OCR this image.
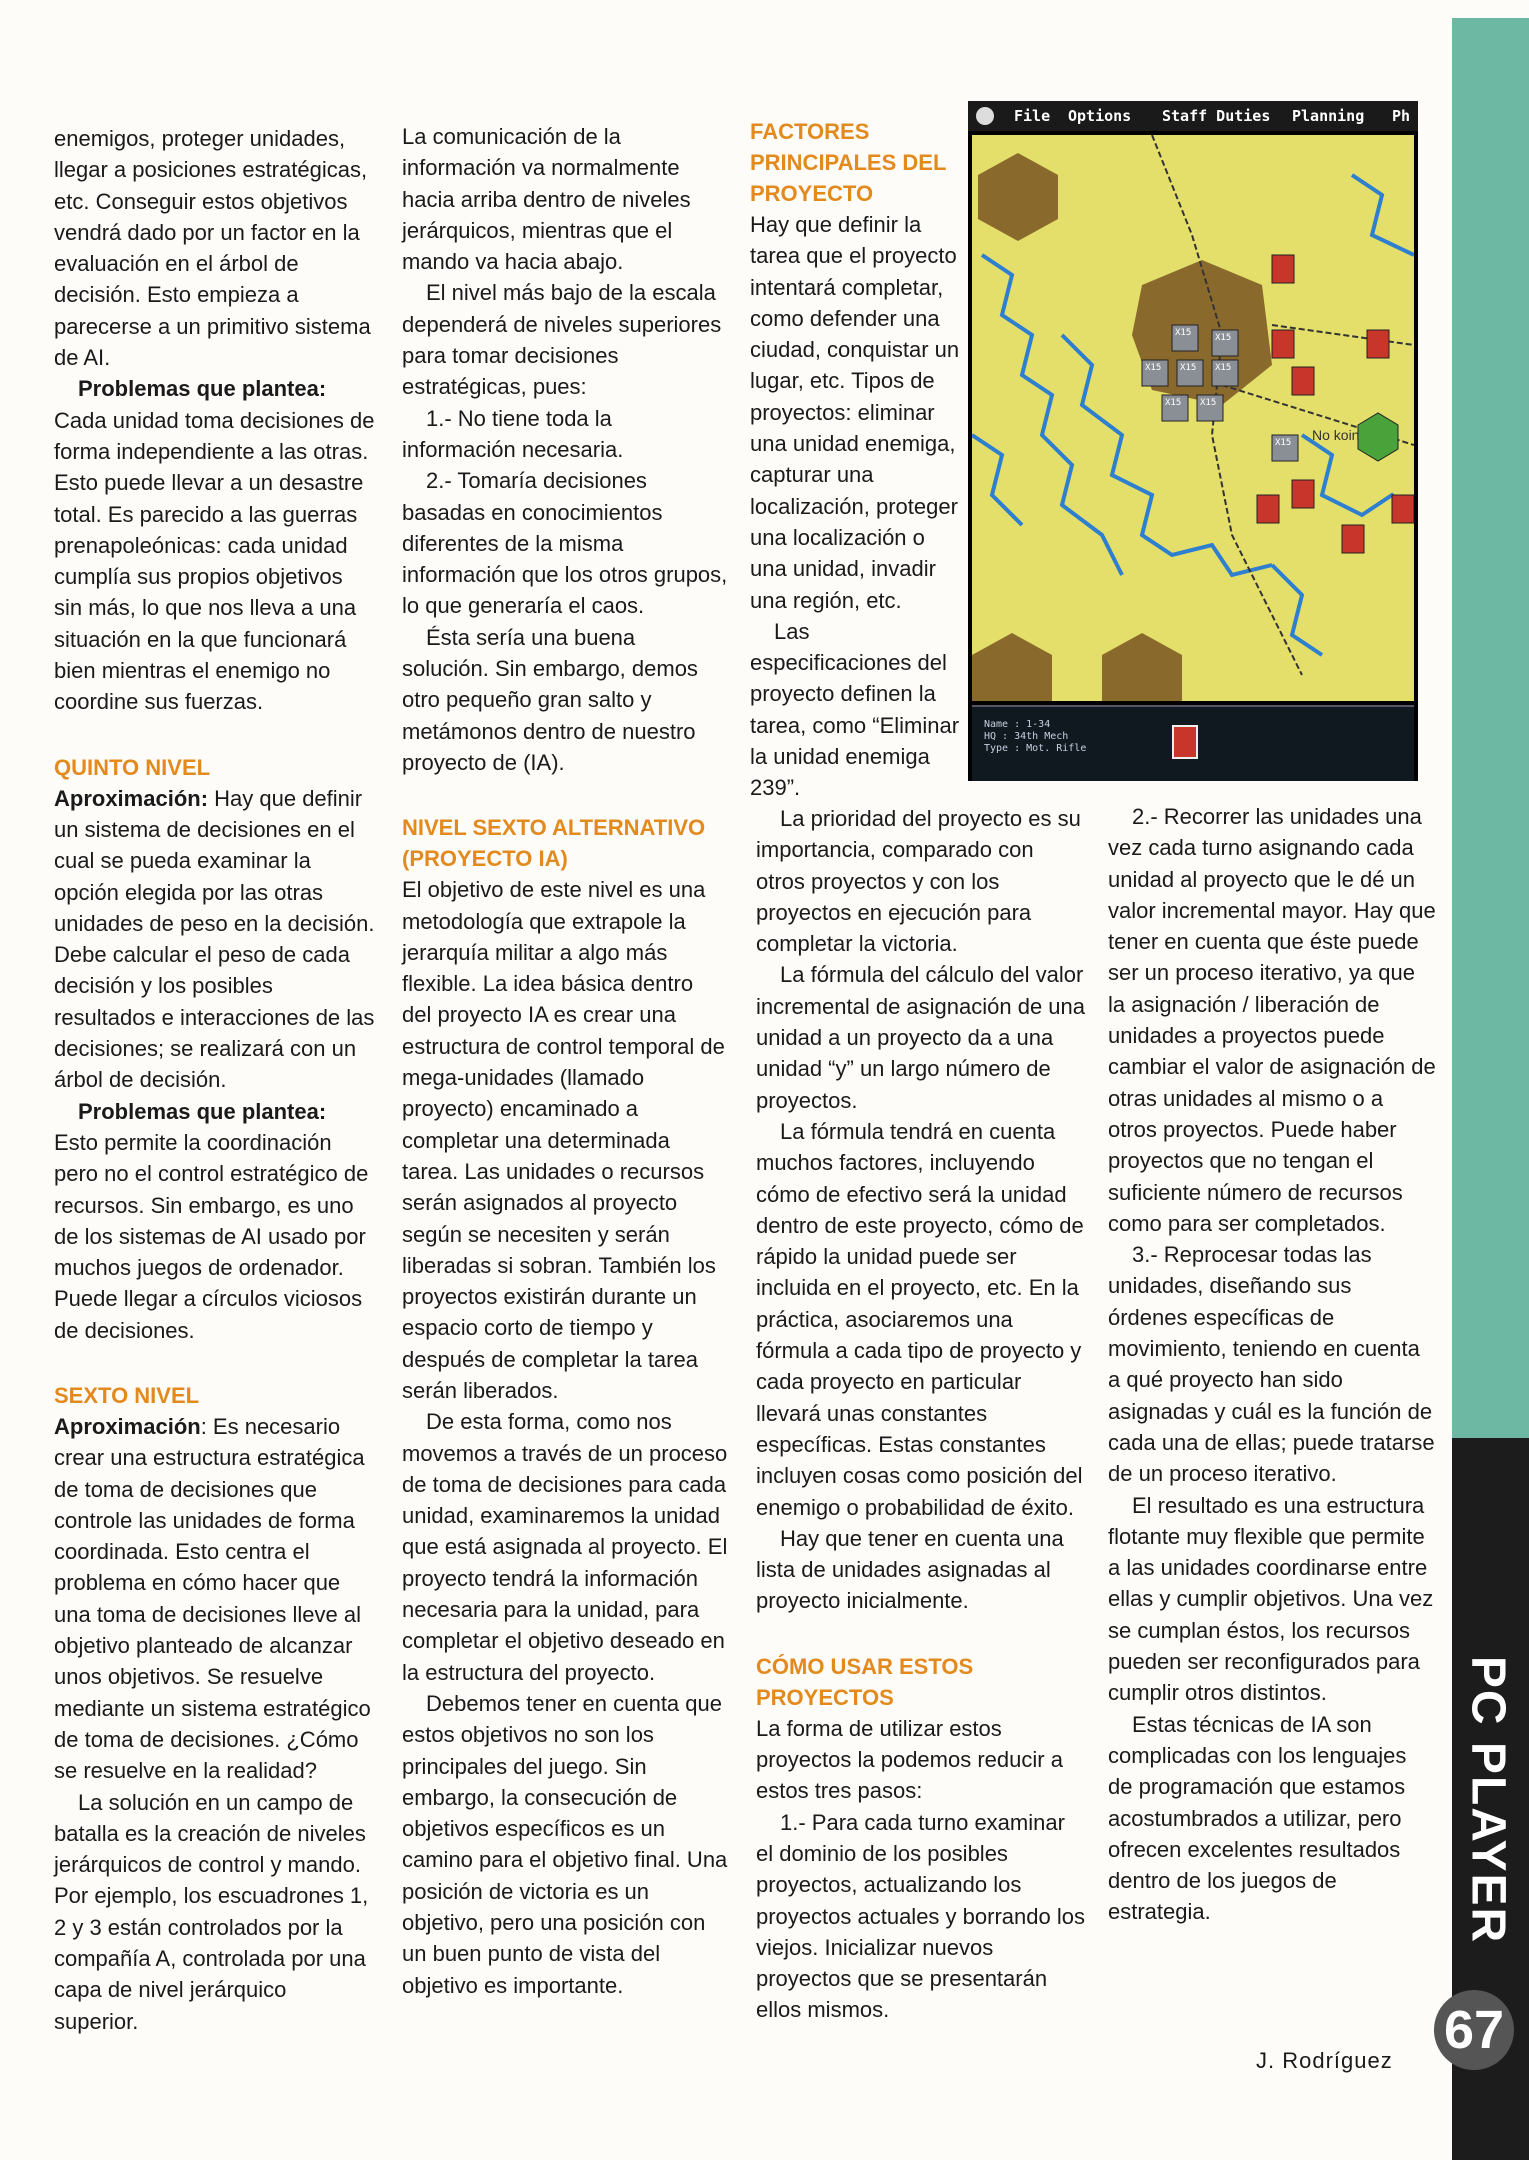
enemigos, proteger unidades, llegar a posiciones estratégicas, etc. Conseguir estos objetivos vendrá dado por un factor en la evaluación en el árbol de decisión. Esto empieza a parecerse a un primitivo sistema de AI.

Problemas que plantea:

Cada unidad toma decisiones de forma independiente a las otras. Esto puede llevar a un desastre total. Es parecido a las guerras prenapoleónicas: cada unidad cumplía sus propios objetivos sin más, lo que nos lleva a una situación en la que funcionará bien mientras el enemigo no coordine sus fuerzas.

QUINTO NIVEL

Aproximación: Hay que definir un sistema de decisiones en el cual se pueda examinar la opción elegida por las otras unidades de peso en la decisión. Debe calcular el peso de cada decisión y los posibles resultados e interacciones de las decisiones; se realizará con un árbol de decisión.

Problemas que plantea:

Esto permite la coordinación pero no el control estratégico de recursos. Sin embargo, es uno de los sistemas de AI usado por muchos juegos de ordenador. Puede llegar a círculos viciosos de decisiones.

SEXTO NIVEL

Aproximación: Es necesario crear una estructura estratégica de toma de decisiones que controle las unidades de forma coordinada. Esto centra el problema en cómo hacer que una toma de decisiones lleve al objetivo planteado de alcanzar unos objetivos. Se resuelve mediante un sistema estratégico de toma de decisiones. ¿Cómo se resuelve en la realidad?

La solución en un campo de batalla es la creación de niveles jerárquicos de control y mando. Por ejemplo, los escuadrones 1, 2 y 3 están controlados por la compañía A, controlada por una capa de nivel jerárquico superior.

La comunicación de la información va normalmente hacia arriba dentro de niveles jerárquicos, mientras que el mando va hacia abajo.

El nivel más bajo de la escala dependerá de niveles superiores para tomar decisiones estratégicas, pues:

1.- No tiene toda la información necesaria.

2.- Tomaría decisiones basadas en conocimientos diferentes de la misma información que los otros grupos, lo que generaría el caos.

Ésta sería una buena solución. Sin embargo, demos otro pequeño gran salto y metámonos dentro de nuestro proyecto de (IA).

NIVEL SEXTO ALTERNATIVO (PROYECTO IA)

El objetivo de este nivel es una metodología que extrapole la jerarquía militar a algo más flexible. La idea básica dentro del proyecto IA es crear una estructura de control temporal de mega-unidades (llamado proyecto) encaminado a completar una determinada tarea. Las unidades o recursos serán asignados al proyecto según se necesiten y serán liberadas si sobran. También los proyectos existirán durante un espacio corto de tiempo y después de completar la tarea serán liberados.

De esta forma, como nos movemos a través de un proceso de toma de decisiones para cada unidad, examinaremos la unidad que está asignada al proyecto. El proyecto tendrá la información necesaria para la unidad, para completar el objetivo deseado en la estructura del proyecto.

Debemos tener en cuenta que estos objetivos no son los principales del juego. Sin embargo, la consecución de objetivos específicos es un camino para el objetivo final. Una posición de victoria es un objetivo, pero una posición con un buen punto de vista del objetivo es importante.

FACTORES PRINCIPALES DEL PROYECTO

Hay que definir la tarea que el proyecto intentará completar, como defender una ciudad, conquistar un lugar, etc. Tipos de proyectos: eliminar una unidad enemiga, capturar una localización, proteger una localización o una unidad, invadir una región, etc.

Las especificaciones del proyecto definen la tarea, como “Eliminar la unidad enemiga 239”.

La prioridad del proyecto es su importancia, comparado con otros proyectos y con los proyectos en ejecución para completar la victoria.

La fórmula del cálculo del valor incremental de asignación de una unidad a un proyecto da a una unidad “y” un largo número de proyectos.

La fórmula tendrá en cuenta muchos factores, incluyendo cómo de efectivo será la unidad dentro de este proyecto, cómo de rápido la unidad puede ser incluida en el proyecto, etc. En la práctica, asociaremos una fórmula a cada tipo de proyecto y cada proyecto en particular llevará unas constantes específicas. Estas constantes incluyen cosas como posición del enemigo o probabilidad de éxito.

Hay que tener en cuenta una lista de unidades asignadas al proyecto inicialmente.

CÓMO USAR ESTOS PROYECTOS

La forma de utilizar estos proyectos la podemos reducir a estos tres pasos:

1.- Para cada turno examinar el dominio de los posibles proyectos, actualizando los proyectos actuales y borrando los viejos. Inicializar nuevos proyectos que se presentarán ellos mismos.

2.- Recorrer las unidades una vez cada turno asignando cada unidad al proyecto que le dé un valor incremental mayor. Hay que tener en cuenta que éste puede ser un proceso iterativo, ya que la asignación / liberación de unidades a proyectos puede cambiar el valor de asignación de otras unidades al mismo o a otros proyectos. Puede haber proyectos que no tengan el suficiente número de recursos como para ser completados.

3.- Reprocesar todas las unidades, diseñando sus órdenes específicas de movimiento, teniendo en cuenta a qué proyecto han sido asignadas y cuál es la función de cada una de ellas; puede tratarse de un proceso iterativo.

El resultado es una estructura flotante muy flexible que permite a las unidades coordinarse entre ellas y cumplir objetivos. Una vez se cumplan éstos, los recursos pueden ser reconfigurados para cumplir otros distintos.

Estas técnicas de IA son complicadas con los lenguajes de programación que estamos acostumbrados a utilizar, pero ofrecen excelentes resultados dentro de los juegos de estrategia.

File Options Staff Duties Planning Ph
X15
X15 X15 X15
X15 X15
X15
X15 No koin
Name : 1-34
HQ : 34th Mech
Type : Mot. Rifle
PC PLAYER
67
J. Rodríguez
